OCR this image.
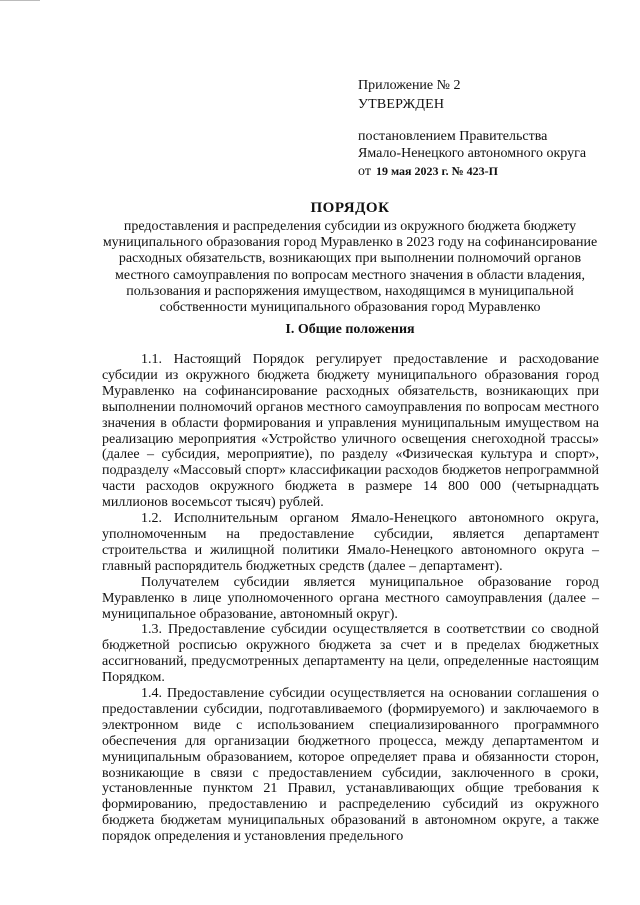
Приложение № 2
УТВЕРЖДЕН
постановлением Правительства
Ямало-Ненецкого автономного округа
от 19 мая 2023 г. № 423-П
ПОРЯДОК
предоставления и распределения субсидии из окружного бюджета бюджету муниципального образования город Муравленко в 2023 году на софинансирование расходных обязательств, возникающих при выполнении полномочий органов местного самоуправления по вопросам местного значения в области владения, пользования и распоряжения имуществом, находящимся в муниципальной собственности муниципального образования город Муравленко
I. Общие положения

1.1. Настоящий Порядок регулирует предоставление и расходование субсидии из окружного бюджета бюджету муниципального образования город Муравленко на софинансирование расходных обязательств, возникающих при выполнении полномочий органов местного самоуправления по вопросам местного значения в области формирования и управления муниципальным имуществом на реализацию мероприятия «Устройство уличного освещения снегоходной трассы» (далее – субсидия, мероприятие), по разделу «Физическая культура и спорт», подразделу «Массовый спорт» классификации расходов бюджетов непрограммной части расходов окружного бюджета в размере 14 800 000 (четырнадцать миллионов восемьсот тысяч) рублей.

1.2. Исполнительным органом Ямало-Ненецкого автономного округа, уполномоченным на предоставление субсидии, является департамент строительства и жилищной политики Ямало-Ненецкого автономного округа – главный распорядитель бюджетных средств (далее – департамент).

Получателем субсидии является муниципальное образование город Муравленко в лице уполномоченного органа местного самоуправления (далее – муниципальное образование, автономный округ).

1.3. Предоставление субсидии осуществляется в соответствии со сводной бюджетной росписью окружного бюджета за счет и в пределах бюджетных ассигнований, предусмотренных департаменту на цели, определенные настоящим Порядком.

1.4. Предоставление субсидии осуществляется на основании соглашения о предоставлении субсидии, подготавливаемого (формируемого) и заключаемого в электронном виде с использованием специализированного программного обеспечения для организации бюджетного процесса, между департаментом и муниципальным образованием, которое определяет права и обязанности сторон, возникающие в связи с предоставлением субсидии, заключенного в сроки, установленные пунктом 21 Правил, устанавливающих общие требования к формированию, предоставлению и распределению субсидий из окружного бюджета бюджетам муниципальных образований в автономном округе, а также порядок определения и установления предельного
